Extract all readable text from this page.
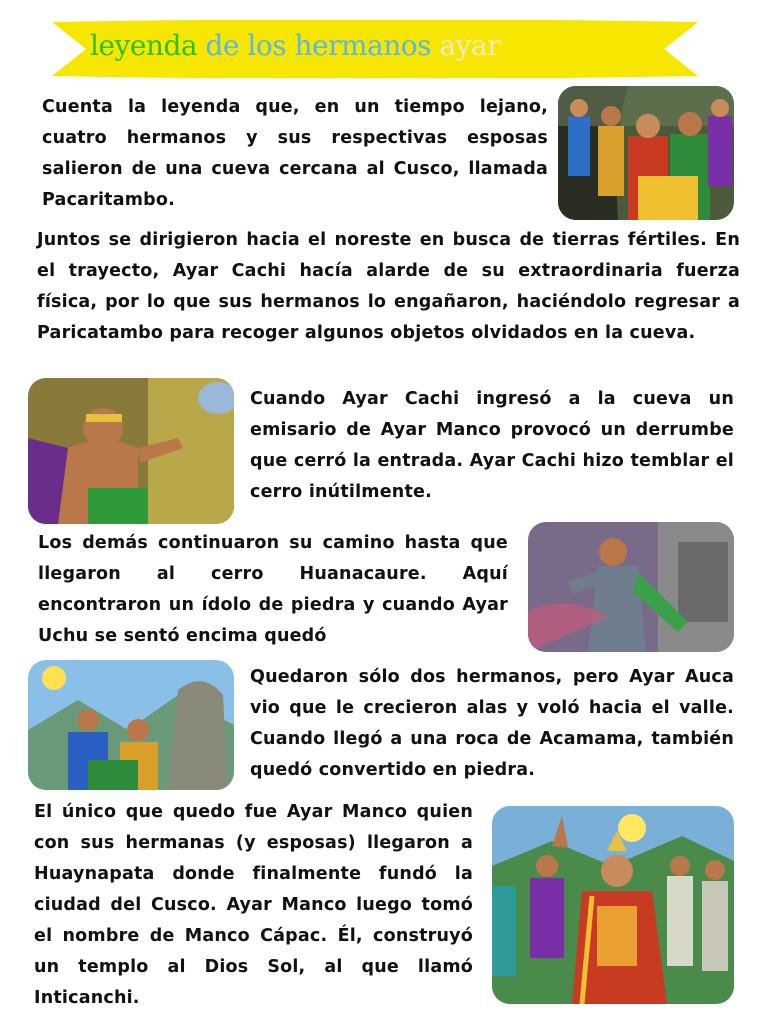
leyenda de los hermanos ayar

Cuenta la leyenda que, en un tiempo lejano, cuatro hermanos y sus respectivas esposas salieron de una cueva cercana al Cusco, llamada Pacaritambo.

Juntos se dirigieron hacia el noreste en busca de tierras fértiles. En el trayecto, Ayar Cachi hacía alarde de su extraordinaria fuerza física, por lo que sus hermanos lo engañaron, haciéndolo regresar a Paricatambo para recoger algunos objetos olvidados en la cueva.

Cuando Ayar Cachi ingresó a la cueva un emisario de Ayar Manco provocó un derrumbe que cerró la entrada. Ayar Cachi hizo temblar el cerro inútilmente.

Los demás continuaron su camino hasta que llegaron al cerro Huanacaure. Aquí encontraron un ídolo de piedra y cuando Ayar Uchu se sentó encima quedó

Quedaron sólo dos hermanos, pero Ayar Auca vio que le crecieron alas y voló hacia el valle. Cuando llegó a una roca de Acamama, también quedó convertido en piedra.

El único que quedo fue Ayar Manco quien con sus hermanas (y esposas) llegaron a Huaynapata donde finalmente fundó la ciudad del Cusco. Ayar Manco luego tomó el nombre de Manco Cápac. Él, construyó un templo al Dios Sol, al que llamó Inticanchi.
